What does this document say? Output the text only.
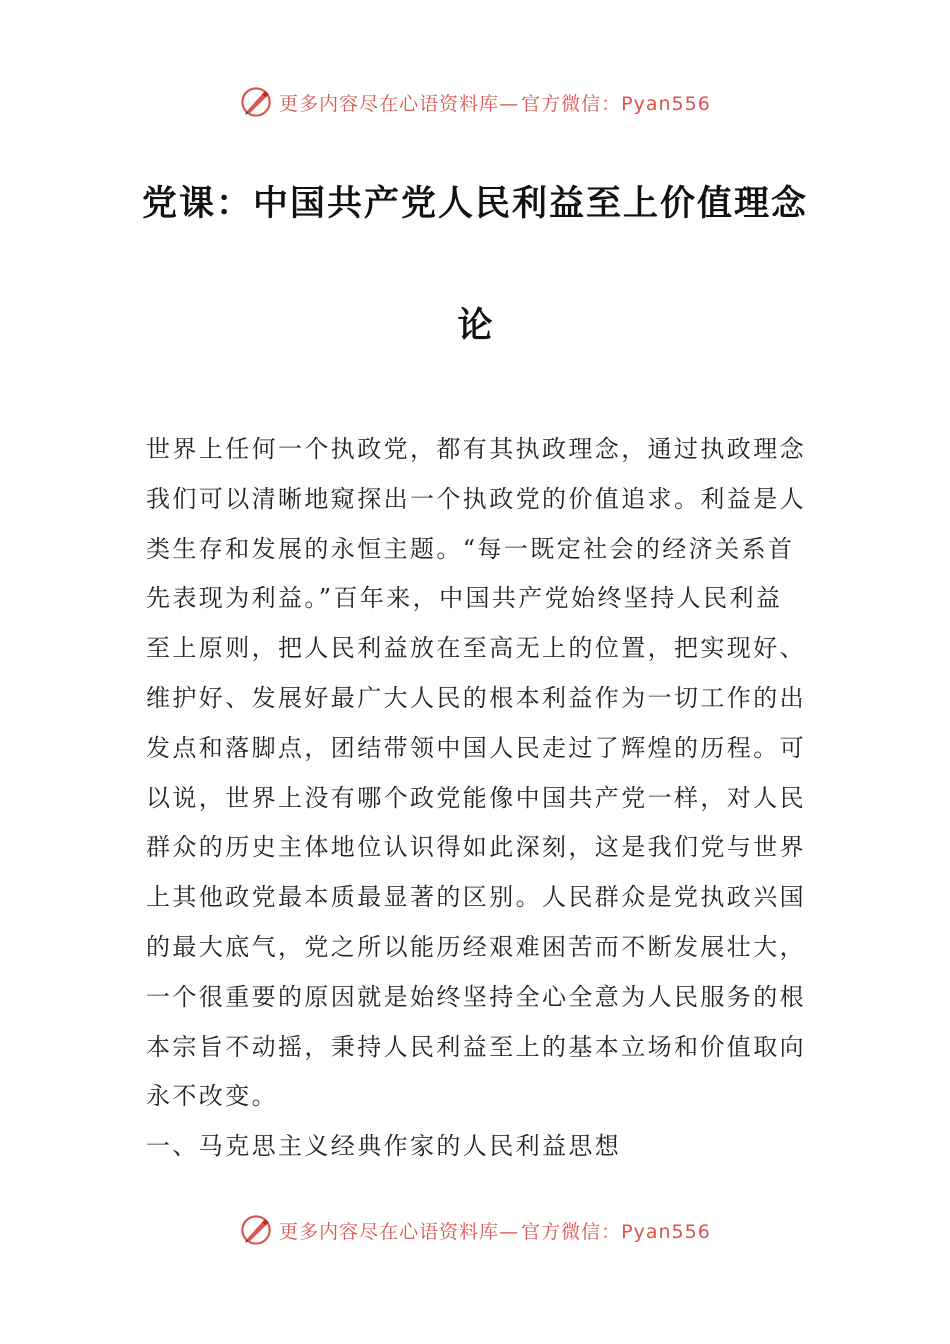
更多内容尽在心语资料库— 官方微信：Pyan556
党课：中国共产党人民利益至上价值理念
论

世界上任何一个执政党，都有其执政理念，通过执政理念
我们可以清晰地窥探出一个执政党的价值追求。利益是人
类生存和发展的永恒主题。“每一既定社会的经济关系首
先表现为利益。”百年来，中国共产党始终坚持人民利益
至上原则，把人民利益放在至高无上的位置，把实现好、
维护好、发展好最广大人民的根本利益作为一切工作的出
发点和落脚点，团结带领中国人民走过了辉煌的历程。可
以说，世界上没有哪个政党能像中国共产党一样，对人民
群众的历史主体地位认识得如此深刻，这是我们党与世界
上其他政党最本质最显著的区别。人民群众是党执政兴国
的最大底气，党之所以能历经艰难困苦而不断发展壮大，
一个很重要的原因就是始终坚持全心全意为人民服务的根
本宗旨不动摇，秉持人民利益至上的基本立场和价值取向
永不改变。

一、马克思主义经典作家的人民利益思想

更多内容尽在心语资料库— 官方微信：Pyan556
